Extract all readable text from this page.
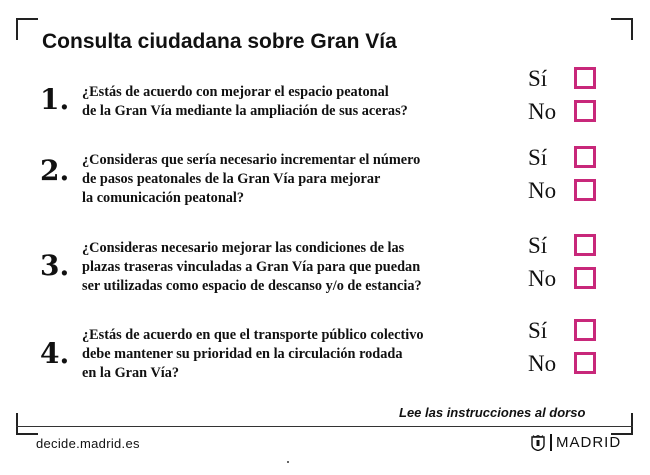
Consulta ciudadana sobre Gran Vía
1. ¿Estás de acuerdo con mejorar el espacio peatonal
de la Gran Vía mediante la ampliación de sus aceras?
Sí
No
2. ¿Consideras que sería necesario incrementar el número
de pasos peatonales de la Gran Vía para mejorar
la comunicación peatonal?
Sí
No
3.
¿Consideras necesario mejorar las condiciones de las
plazas traseras vinculadas a Gran Vía para que puedan
ser utilizadas como espacio de descanso y/o de estancia?
Sí
No
4.
¿Estás de acuerdo en que el transporte público colectivo
debe mantener su prioridad en la circulación rodada
en la Gran Vía?
Sí
No
Lee las instrucciones al dorso
decide.madrid.es	MADRID
